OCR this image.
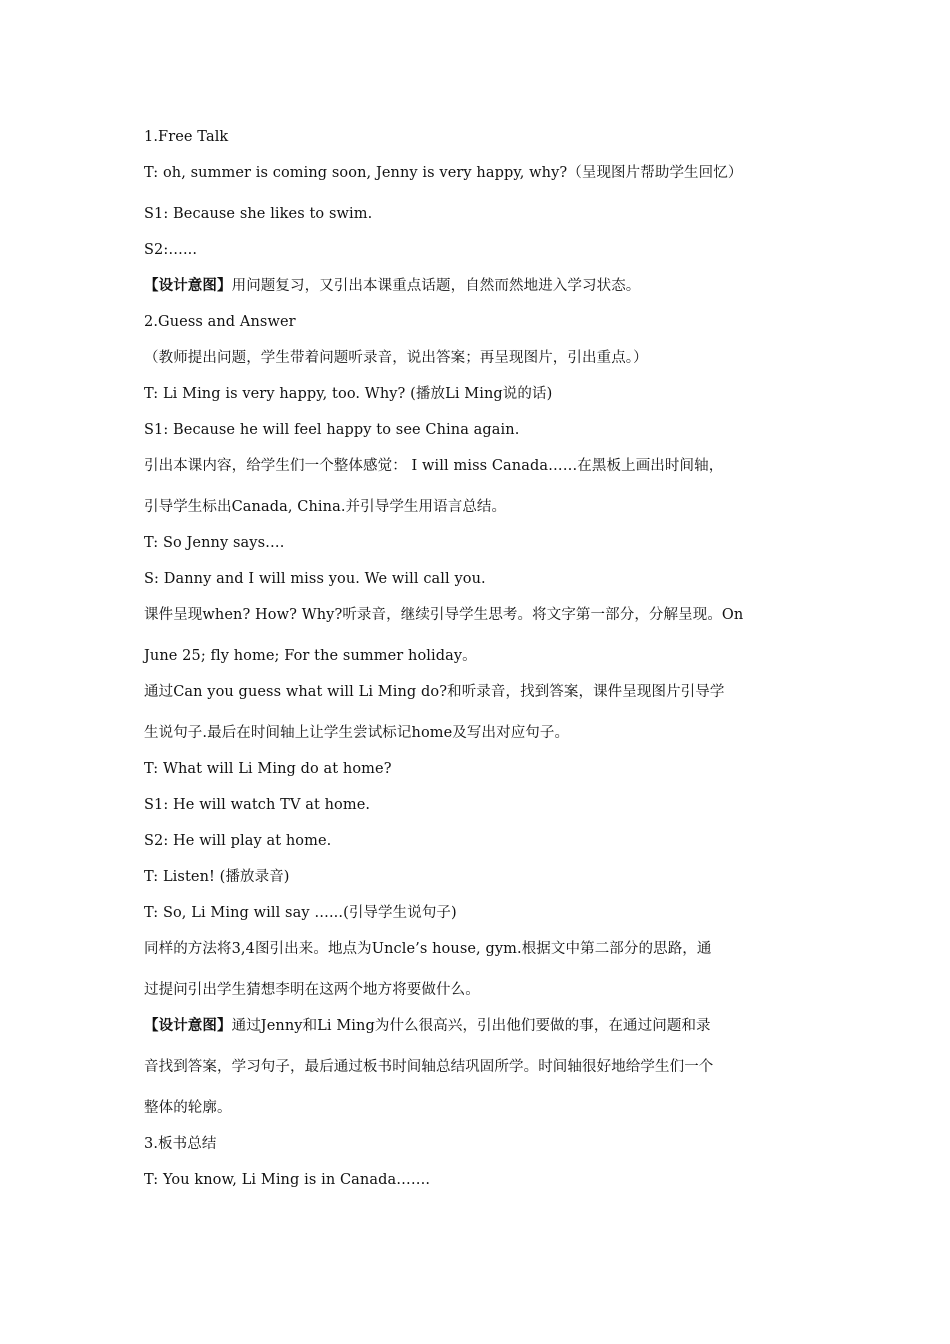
1.Free Talk
T: oh, summer is coming soon, Jenny is very happy, why?（呈现图片帮助学生回忆）
S1: Because she likes to swim.
S2:…...
【设计意图】用问题复习，又引出本课重点话题，自然而然地进入学习状态。
2.Guess and Answer
（教师提出问题，学生带着问题听录音，说出答案；再呈现图片，引出重点。）
T: Li Ming is very happy, too. Why? (播放Li Ming说的话)
S1: Because he will feel happy to see China again.
引出本课内容，给学生们一个整体感觉： I will miss Canada……在黑板上画出时间轴，
引导学生标出Canada, China.并引导学生用语言总结。
T: So Jenny says….
S: Danny and I will miss you. We will call you.
课件呈现when? How? Why?听录音，继续引导学生思考。将文字第一部分，分解呈现。On
June 25; fly home; For the summer holiday。
通过Can you guess what will Li Ming do?和听录音，找到答案，课件呈现图片引导学
生说句子.最后在时间轴上让学生尝试标记home及写出对应句子。
T: What will Li Ming do at home?
S1: He will watch TV at home.
S2: He will play at home.
T: Listen! (播放录音)
T: So, Li Ming will say …...(引导学生说句子)
同样的方法将3,4图引出来。地点为Uncle’s house, gym.根据文中第二部分的思路，通
过提问引出学生猜想李明在这两个地方将要做什么。
【设计意图】通过Jenny和Li Ming为什么很高兴，引出他们要做的事，在通过问题和录
音找到答案，学习句子，最后通过板书时间轴总结巩固所学。时间轴很好地给学生们一个
整体的轮廓。
3.板书总结
T: You know, Li Ming is in Canada…….
